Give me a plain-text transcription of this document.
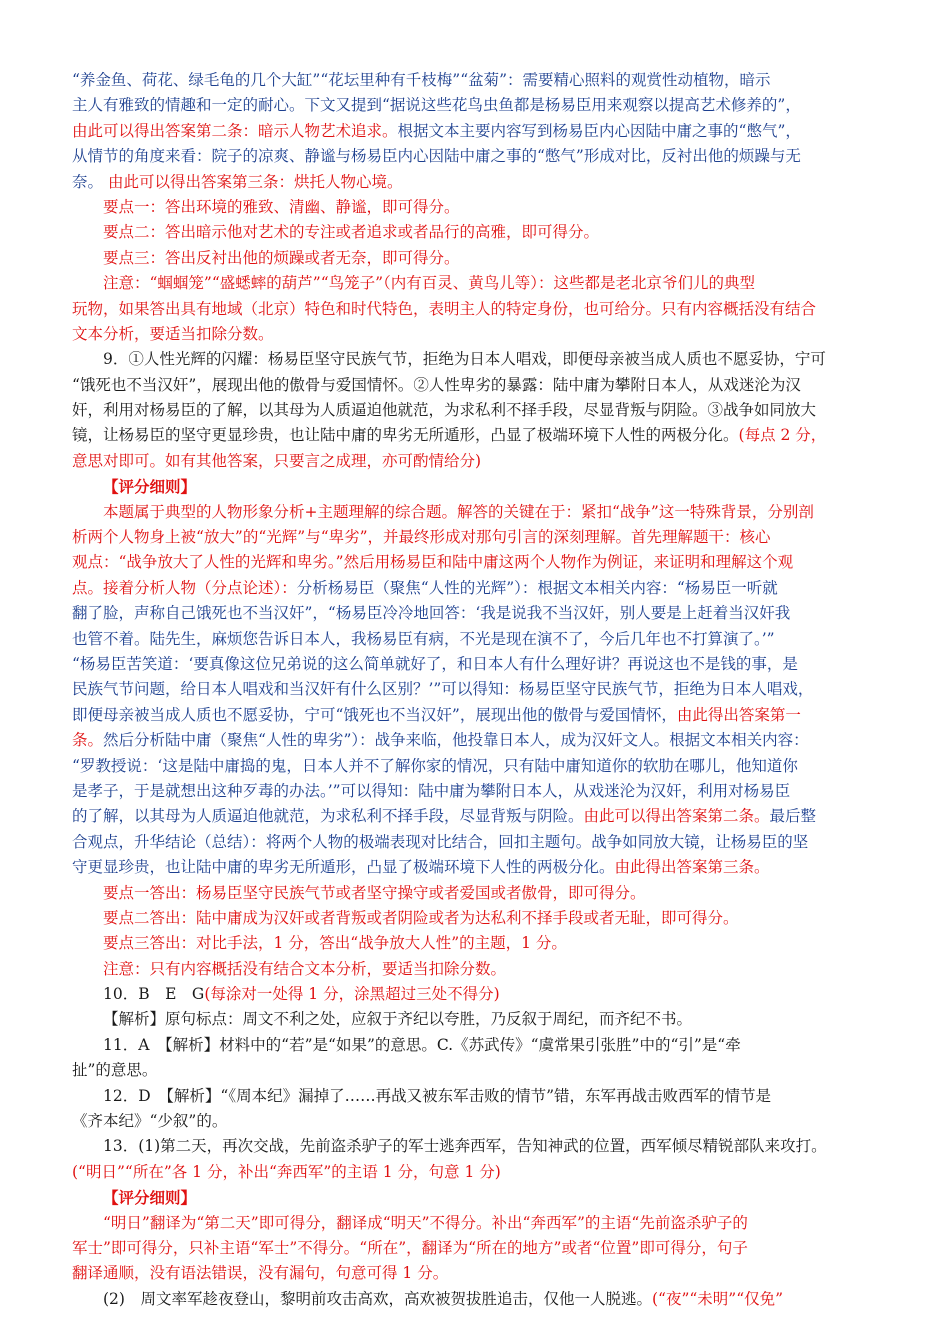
“养金鱼、荷花、绿毛龟的几个大缸”“花坛里种有千枝梅”“盆菊”：需要精心照料的观赏性动植物，暗示
主人有雅致的情趣和一定的耐心。下文又提到“据说这些花鸟虫鱼都是杨易臣用来观察以提高艺术修养的”，
由此可以得出答案第二条：暗示人物艺术追求。根据文本主要内容写到杨易臣内心因陆中庸之事的“憋气”，
从情节的角度来看：院子的凉爽、静谧与杨易臣内心因陆中庸之事的“憋气”形成对比，反衬出他的烦躁与无
奈。 由此可以得出答案第三条：烘托人物心境。
要点一：答出环境的雅致、清幽、静谧，即可得分。
要点二：答出暗示他对艺术的专注或者追求或者品行的高雅，即可得分。
要点三：答出反衬出他的烦躁或者无奈，即可得分。
注意：“蝈蝈笼”“盛蟋蟀的葫芦”“鸟笼子”（内有百灵、黄鸟儿等）：这些都是老北京爷们儿的典型
玩物，如果答出具有地域（北京）特色和时代特色，表明主人的特定身份，也可给分。只有内容概括没有结合
文本分析，要适当扣除分数。
9．①人性光辉的闪耀：杨易臣坚守民族气节，拒绝为日本人唱戏，即便母亲被当成人质也不愿妥协，宁可
“饿死也不当汉奸”，展现出他的傲骨与爱国情怀。②人性卑劣的暴露：陆中庸为攀附日本人，从戏迷沦为汉
奸，利用对杨易臣的了解，以其母为人质逼迫他就范，为求私利不择手段，尽显背叛与阴险。③战争如同放大
镜，让杨易臣的坚守更显珍贵，也让陆中庸的卑劣无所遁形，凸显了极端环境下人性的两极分化。(每点 2 分，
意思对即可。如有其他答案，只要言之成理，亦可酌情给分)
【评分细则】
本题属于典型的人物形象分析+主题理解的综合题。解答的关键在于：紧扣“战争”这一特殊背景，分别剖
析两个人物身上被“放大”的“光辉”与“卑劣”，并最终形成对那句引言的深刻理解。首先理解题干：核心
观点：“战争放大了人性的光辉和卑劣。”然后用杨易臣和陆中庸这两个人物作为例证，来证明和理解这个观
点。接着分析人物（分点论述）：分析杨易臣（聚焦“人性的光辉”）：根据文本相关内容：“杨易臣一听就
翻了脸，声称自己饿死也不当汉奸”，“杨易臣冷冷地回答：‘我是说我不当汉奸，别人要是上赶着当汉奸我
也管不着。陆先生，麻烦您告诉日本人，我杨易臣有病，不光是现在演不了，今后几年也不打算演了。’”
“杨易臣苦笑道：‘要真像这位兄弟说的这么简单就好了，和日本人有什么理好讲？再说这也不是钱的事，是
民族气节问题，给日本人唱戏和当汉奸有什么区别？’”可以得知：杨易臣坚守民族气节，拒绝为日本人唱戏，
即便母亲被当成人质也不愿妥协，宁可“饿死也不当汉奸”，展现出他的傲骨与爱国情怀，由此得出答案第一
条。然后分析陆中庸（聚焦“人性的卑劣”）：战争来临，他投靠日本人，成为汉奸文人。根据文本相关内容：
“罗教授说：‘这是陆中庸捣的鬼，日本人并不了解你家的情况，只有陆中庸知道你的软肋在哪儿，他知道你
是孝子，于是就想出这种歹毒的办法。’”可以得知：陆中庸为攀附日本人，从戏迷沦为汉奸，利用对杨易臣
的了解，以其母为人质逼迫他就范，为求私利不择手段，尽显背叛与阴险。由此可以得出答案第二条。最后整
合观点，升华结论（总结）：将两个人物的极端表现对比结合，回扣主题句。战争如同放大镜，让杨易臣的坚
守更显珍贵，也让陆中庸的卑劣无所遁形，凸显了极端环境下人性的两极分化。由此得出答案第三条。
要点一答出：杨易臣坚守民族气节或者坚守操守或者爱国或者傲骨，即可得分。
要点二答出：陆中庸成为汉奸或者背叛或者阴险或者为达私利不择手段或者无耻，即可得分。
要点三答出：对比手法，1 分，答出“战争放大人性”的主题，1 分。
注意：只有内容概括没有结合文本分析，要适当扣除分数。
10．B　E　G(每涂对一处得 1 分，涂黑超过三处不得分)
【解析】原句标点：周文不利之处，应叙于齐纪以夸胜，乃反叙于周纪，而齐纪不书。
11．A　【解析】材料中的“若”是“如果”的意思。C.《苏武传》“虞常果引张胜”中的“引”是“牵
扯”的意思。
12．D　【解析】“《周本纪》漏掉了……再战又被东军击败的情节”错，东军再战击败西军的情节是
《齐本纪》“少叙”的。
13．(1)第二天，再次交战，先前盗杀驴子的军士逃奔西军，告知神武的位置，西军倾尽精锐部队来攻打。
(“明日”“所在”各 1 分，补出“奔西军”的主语 1 分，句意 1 分)
【评分细则】
“明日”翻译为“第二天”即可得分，翻译成“明天”不得分。补出“奔西军”的主语“先前盗杀驴子的
军士”即可得分，只补主语“军士”不得分。“所在”，翻译为“所在的地方”或者“位置”即可得分，句子
翻译通顺，没有语法错误，没有漏句，句意可得 1 分。
(2)　周文率军趁夜登山，黎明前攻击高欢，高欢被贺拔胜追击，仅他一人脱逃。(“夜”“未明”“仅免”
